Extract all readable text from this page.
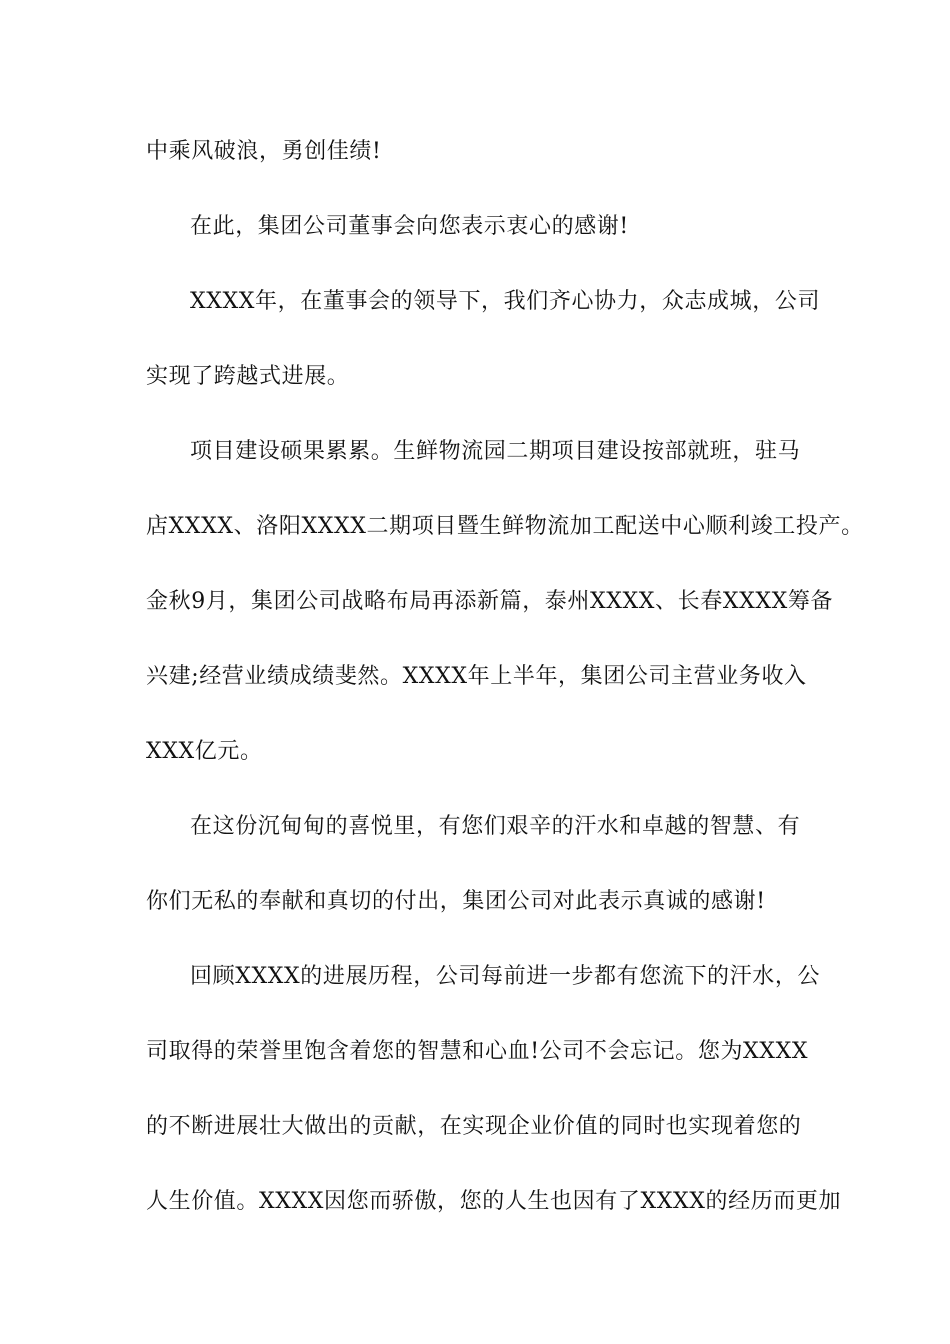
中乘风破浪，勇创佳绩!
在此，集团公司董事会向您表示衷心的感谢!
XXXX年，在董事会的领导下，我们齐心协力，众志成城，公司
实现了跨越式进展。
项目建设硕果累累。生鲜物流园二期项目建设按部就班，驻马
店XXXX、洛阳XXXX二期项目暨生鲜物流加工配送中心顺利竣工投产。
金秋9月，集团公司战略布局再添新篇，泰州XXXX、长春XXXX筹备
兴建;经营业绩成绩斐然。XXXX年上半年，集团公司主营业务收入
XXX亿元。
在这份沉甸甸的喜悦里，有您们艰辛的汗水和卓越的智慧、有
你们无私的奉献和真切的付出，集团公司对此表示真诚的感谢!
回顾XXXX的进展历程，公司每前进一步都有您流下的汗水，公
司取得的荣誉里饱含着您的智慧和心血!公司不会忘记。您为XXXX
的不断进展壮大做出的贡献，在实现企业价值的同时也实现着您的
人生价值。XXXX因您而骄傲，您的人生也因有了XXXX的经历而更加
